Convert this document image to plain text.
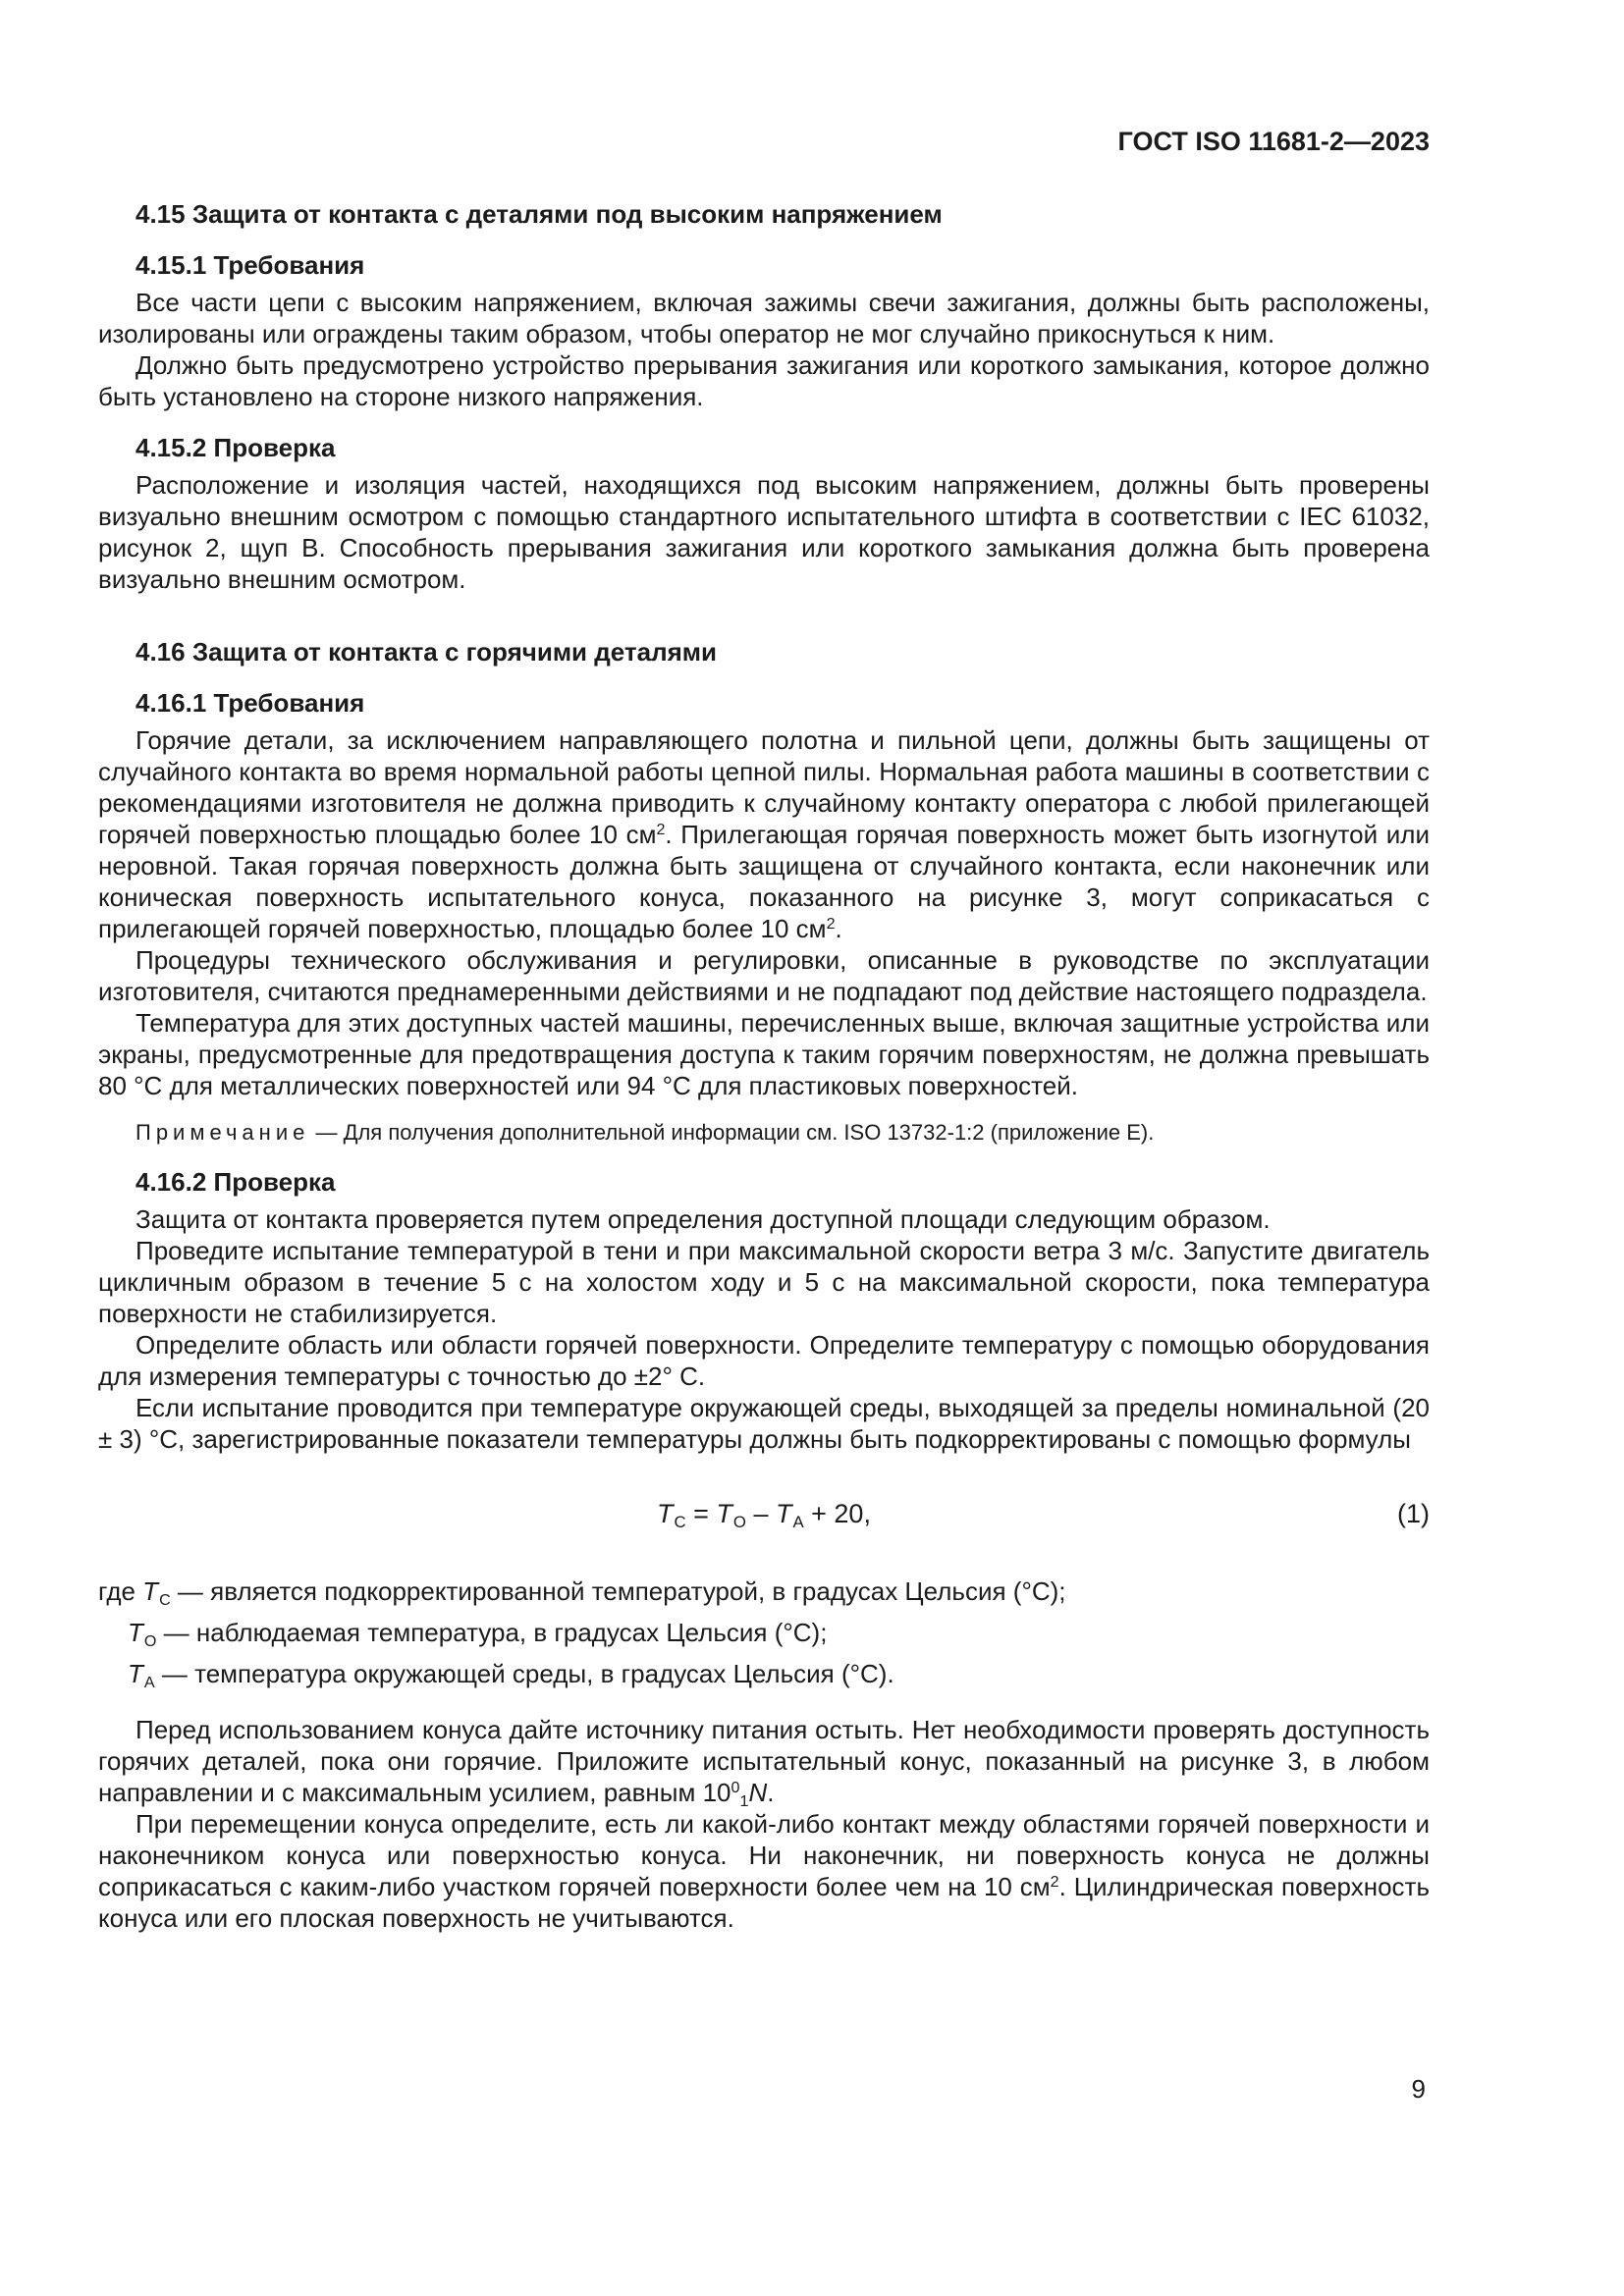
ГОСТ ISO 11681-2—2023
4.15 Защита от контакта с деталями под высоким напряжением
4.15.1 Требования

Все части цепи с высоким напряжением, включая зажимы свечи зажигания, должны быть расположены, изолированы или ограждены таким образом, чтобы оператор не мог случайно прикоснуться к ним.

Должно быть предусмотрено устройство прерывания зажигания или короткого замыкания, которое должно быть установлено на стороне низкого напряжения.

4.15.2 Проверка

Расположение и изоляция частей, находящихся под высоким напряжением, должны быть проверены визуально внешним осмотром с помощью стандартного испытательного штифта в соответствии с IEC 61032, рисунок 2, щуп В. Способность прерывания зажигания или короткого замыкания должна быть проверена визуально внешним осмотром.

4.16 Защита от контакта с горячими деталями
4.16.1 Требования

Горячие детали, за исключением направляющего полотна и пильной цепи, должны быть защищены от случайного контакта во время нормальной работы цепной пилы. Нормальная работа машины в соответствии с рекомендациями изготовителя не должна приводить к случайному контакту оператора с любой прилегающей горячей поверхностью площадью более 10 $см^2$. Прилегающая горячая поверхность может быть изогнутой или неровной. Такая горячая поверхность должна быть защищена от случайного контакта, если наконечник или коническая поверхность испытательного конуса, показанного на рисунке 3, могут соприкасаться с прилегающей горячей поверхностью, площадью более 10 $см^2$.

Процедуры технического обслуживания и регулировки, описанные в руководстве по эксплуатации изготовителя, считаются преднамеренными действиями и не подпадают под действие настоящего подраздела.

Температура для этих доступных частей машины, перечисленных выше, включая защитные устройства или экраны, предусмотренные для предотвращения доступа к таким горячим поверхностям, не должна превышать 80 °С для металлических поверхностей или 94 °С для пластиковых поверхностей.

Примечание — Для получения дополнительной информации см. ISO 13732-1:2 (приложение Е).

4.16.2 Проверка

Защита от контакта проверяется путем определения доступной площади следующим образом.

Проведите испытание температурой в тени и при максимальной скорости ветра 3 м/с. Запустите двигатель цикличным образом в течение 5 с на холостом ходу и 5 с на максимальной скорости, пока температура поверхности не стабилизируется.

Определите область или области горячей поверхности. Определите температуру с помощью оборудования для измерения температуры с точностью до ±2° С.

Если испытание проводится при температуре окружающей среды, выходящей за пределы номинальной (20 ± 3) °С, зарегистрированные показатели температуры должны быть подкорректированы с помощью формулы

$T_C = T_O - T_A + 20$,	(1)

где $T_C$ — является подкорректированной температурой, в градусах Цельсия (°С);

$T_O$ — наблюдаемая температура, в градусах Цельсия (°С);

$T_A$ — температура окружающей среды, в градусах Цельсия (°С).

Перед использованием конуса дайте источнику питания остыть. Нет необходимости проверять доступность горячих деталей, пока они горячие. Приложите испытательный конус, показанный на рисунке 3, в любом направлении и с максимальным усилием, равным $10^0_1N$.

При перемещении конуса определите, есть ли какой-либо контакт между областями горячей поверхности и наконечником конуса или поверхностью конуса. Ни наконечник, ни поверхность конуса не должны соприкасаться с каким-либо участком горячей поверхности более чем на 10 $см^2$. Цилиндрическая поверхность конуса или его плоская поверхность не учитываются.

9
